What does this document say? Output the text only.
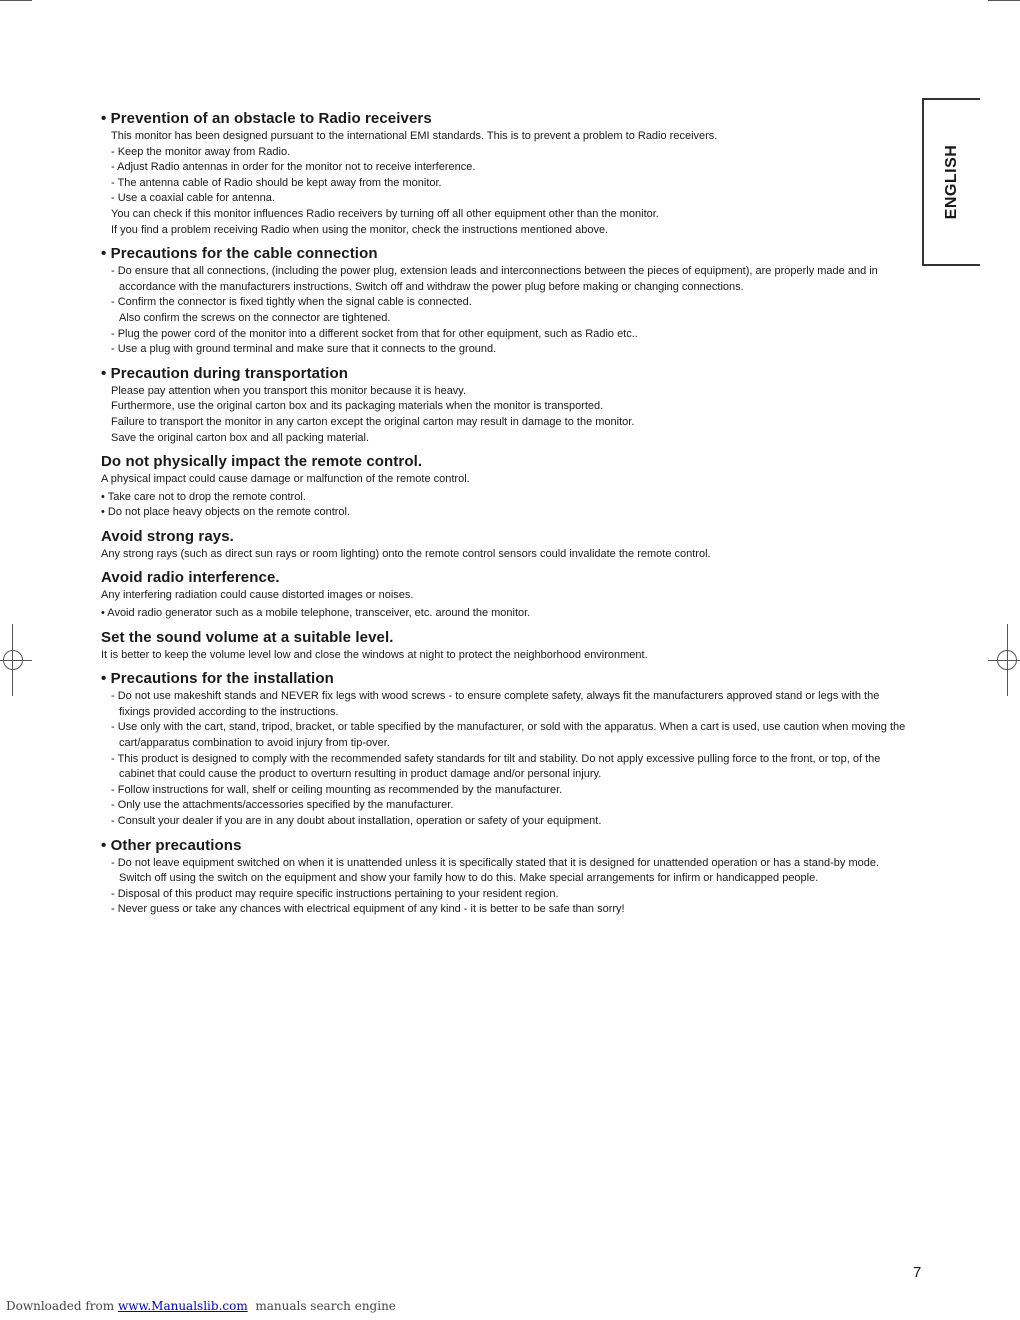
ENGLISH
• Prevention of an obstacle to Radio receivers
This monitor has been designed pursuant to the international EMI standards. This is to prevent a problem to Radio receivers.
- Keep the monitor away from Radio.
- Adjust Radio antennas in order for the monitor not to receive interference.
- The antenna cable of Radio should be kept away from the monitor.
- Use a coaxial cable for antenna.
You can check if this monitor influences Radio receivers by turning off all other equipment other than the monitor.
If you find a problem receiving Radio when using the monitor, check the instructions mentioned above.
• Precautions for the cable connection
- Do ensure that all connections, (including the power plug, extension leads and interconnections between the pieces of equipment), are properly made and in accordance with the manufacturers instructions. Switch off and withdraw the power plug before making or changing connections.
- Confirm the connector is fixed tightly when the signal cable is connected.
Also confirm the screws on the connector are tightened.
- Plug the power cord of the monitor into a different socket from that for other equipment, such as Radio etc..
- Use a plug with ground terminal and make sure that it connects to the ground.
• Precaution during transportation
Please pay attention when you transport this monitor because it is heavy.
Furthermore, use the original carton box and its packaging materials when the monitor is transported.
Failure to transport the monitor in any carton except the original carton may result in damage to the monitor.
Save the original carton box and all packing material.
Do not physically impact the remote control.
A physical impact could cause damage or malfunction of the remote control.
• Take care not to drop the remote control.
• Do not place heavy objects on the remote control.
Avoid strong rays.
Any strong rays (such as direct sun rays or room lighting) onto the remote control sensors could invalidate the remote control.
Avoid radio interference.
Any interfering radiation could cause distorted images or noises.
• Avoid radio generator such as a mobile telephone, transceiver, etc. around the monitor.
Set the sound volume at a suitable level.
It is better to keep the volume level low and close the windows at night to protect the neighborhood environment.
• Precautions for the installation
- Do not use makeshift stands and NEVER fix legs with wood screws - to ensure complete safety, always fit the manufacturers approved stand or legs with the fixings provided according to the instructions.
- Use only with the cart, stand, tripod, bracket, or table specified by the manufacturer, or sold with the apparatus. When a cart is used, use caution when moving the cart/apparatus combination to avoid injury from tip-over.
- This product is designed to comply with the recommended safety standards for tilt and stability. Do not apply excessive pulling force to the front, or top, of the cabinet that could cause the product to overturn resulting in product damage and/or personal injury.
- Follow instructions for wall, shelf or ceiling mounting as recommended by the manufacturer.
- Only use the attachments/accessories specified by the manufacturer.
- Consult your dealer if you are in any doubt about installation, operation or safety of your equipment.
• Other precautions
- Do not leave equipment switched on when it is unattended unless it is specifically stated that it is designed for unattended operation or has a stand-by mode. Switch off using the switch on the equipment and show your family how to do this. Make special arrangements for infirm or handicapped people.
- Disposal of this product may require specific instructions pertaining to your resident region.
- Never guess or take any chances with electrical equipment of any kind - it is better to be safe than sorry!
7
Downloaded from www.Manualslib.com manuals search engine
